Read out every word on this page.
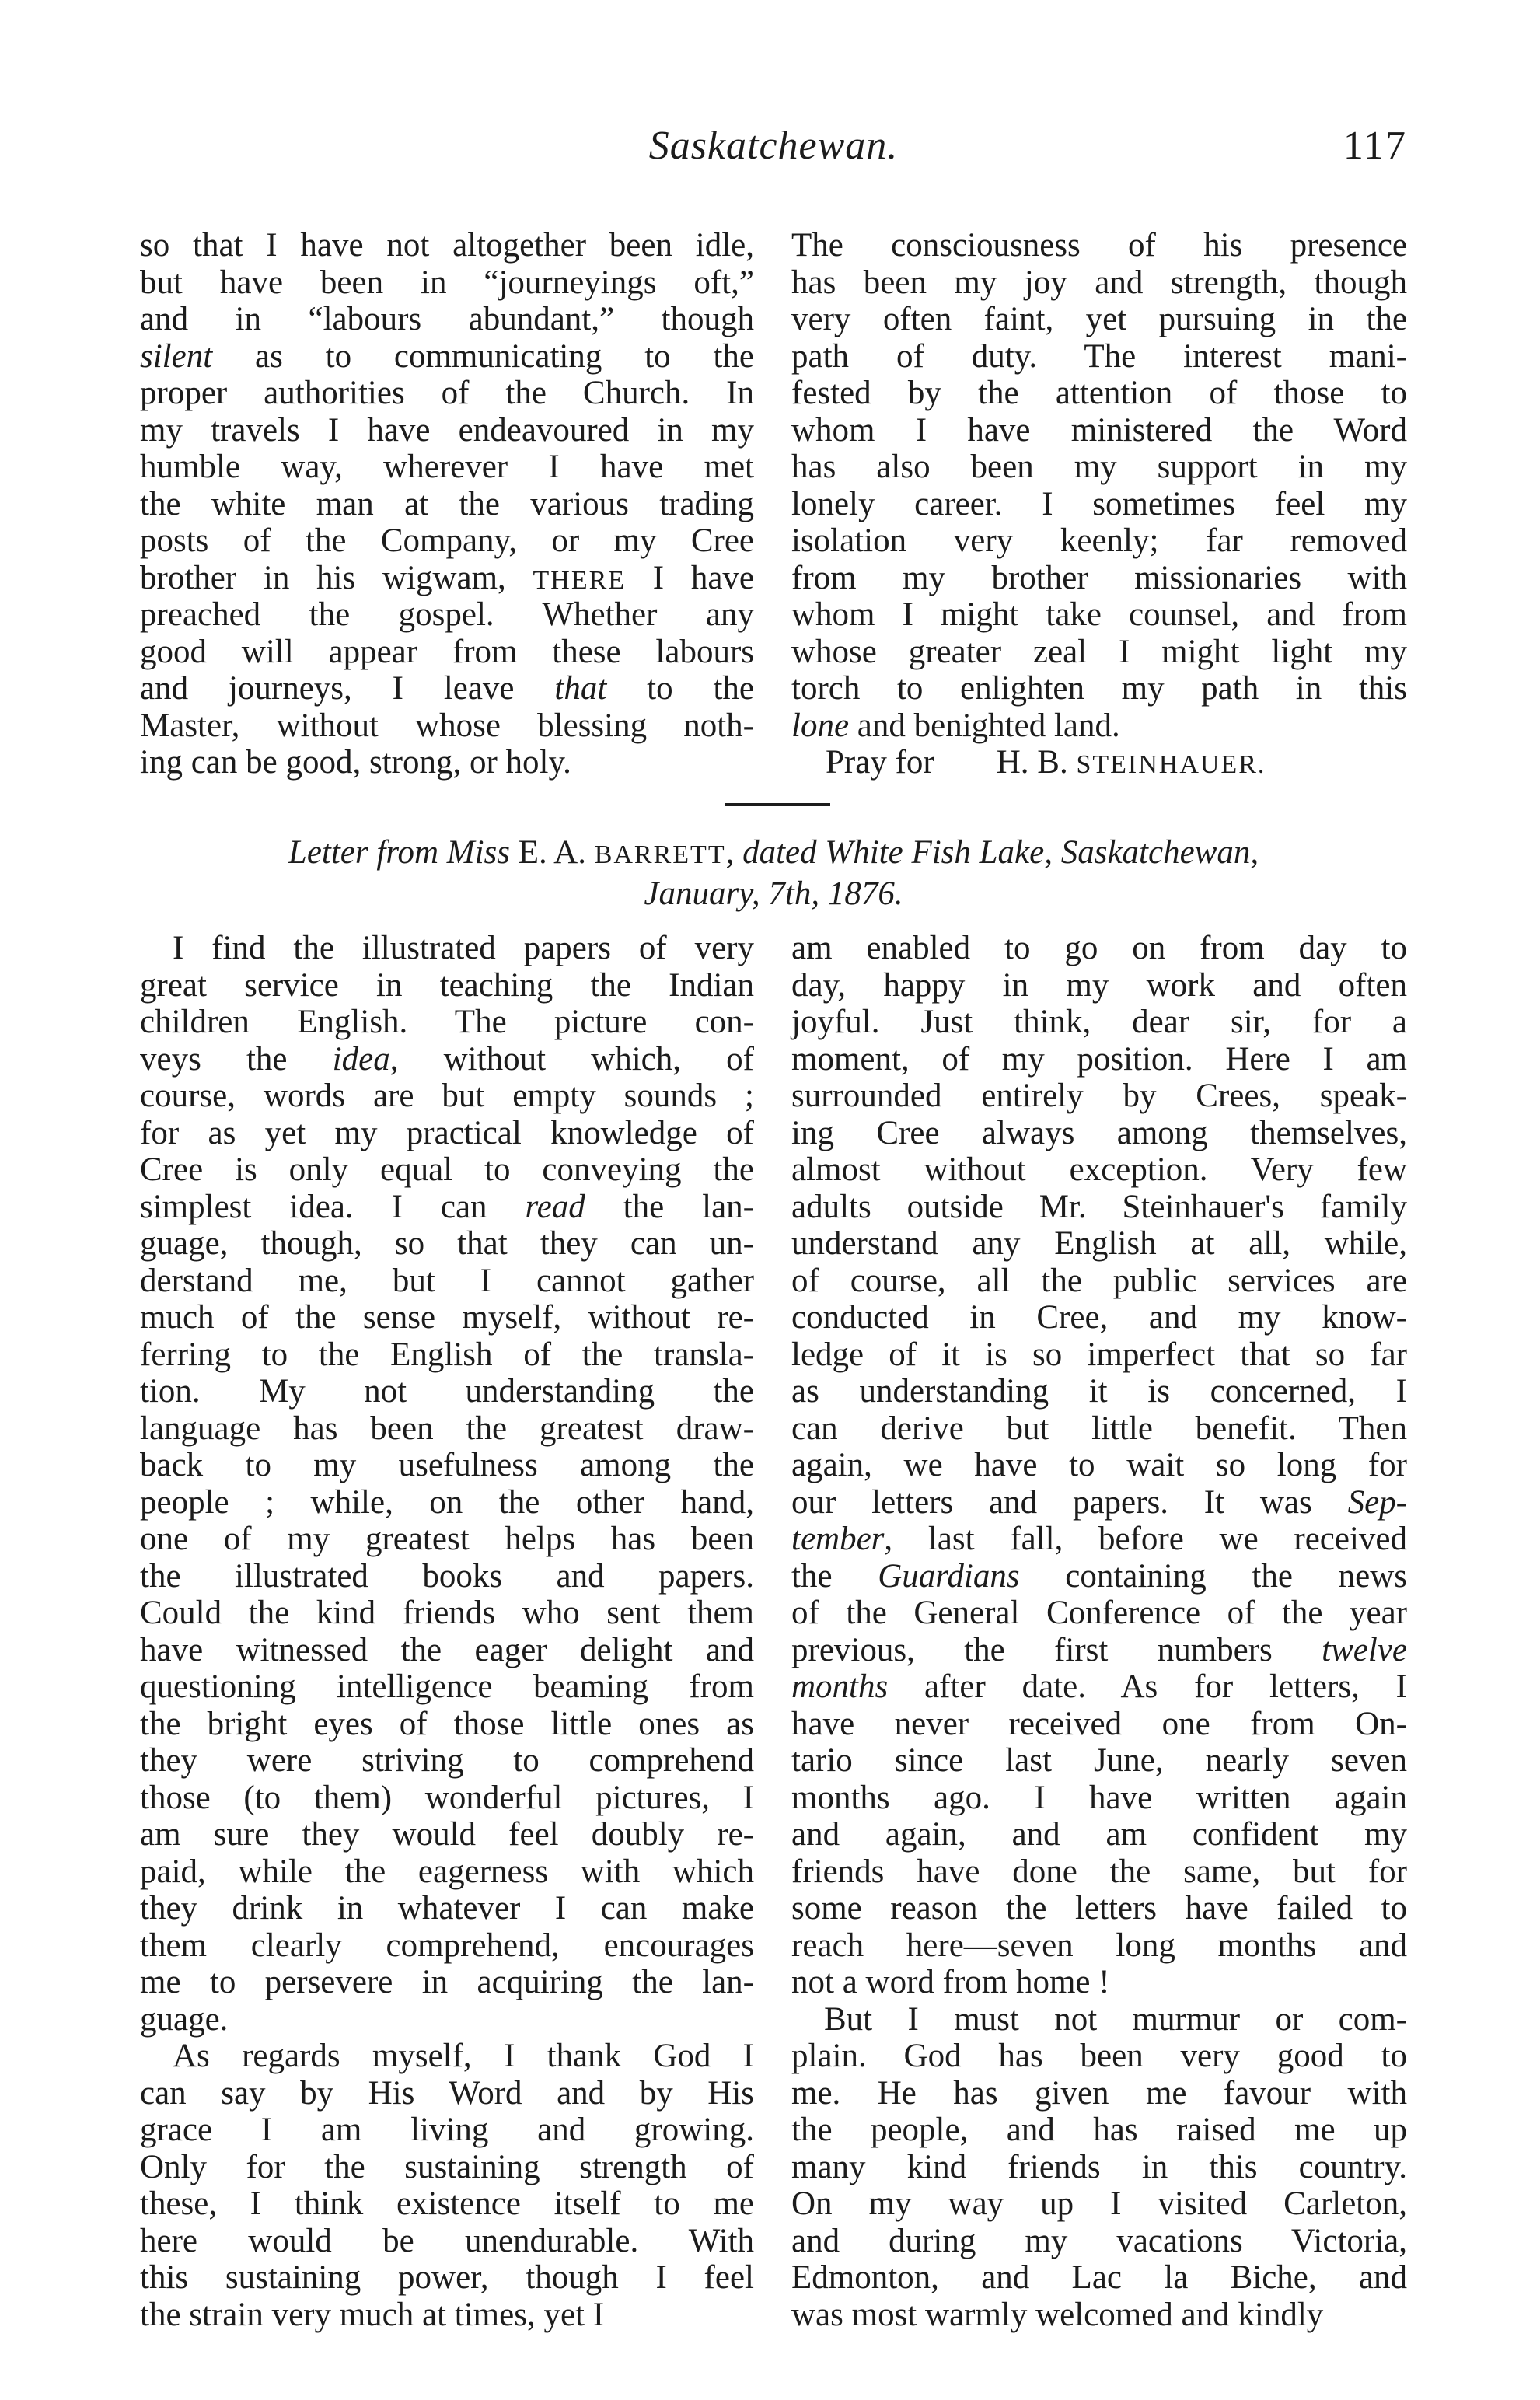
Saskatchewan.	117
so that I have not altogether been idle,
but have been in “journeyings oft,”
and in “labours abundant,” though
silent as to communicating to the
proper authorities of the Church. In
my travels I have endeavoured in my
humble way, wherever I have met
the white man at the various trading
posts of the Company, or my Cree
brother in his wigwam, THERE I have
preached the gospel. Whether any
good will appear from these labours
and journeys, I leave that to the
Master, without whose blessing noth-
ing can be good, strong, or holy.
The consciousness of his presence
has been my joy and strength, though
very often faint, yet pursuing in the
path of duty. The interest mani-
fested by the attention of those to
whom I have ministered the Word
has also been my support in my
lonely career. I sometimes feel my
isolation very keenly; far removed
from my brother missionaries with
whom I might take counsel, and from
whose greater zeal I might light my
torch to enlighten my path in this
lone and benighted land.
Pray for H. B. STEINHAUER.
Letter from Miss E. A. BARRETT, dated White Fish Lake, Saskatchewan,
January, 7th, 1876.
I find the illustrated papers of very
great service in teaching the Indian
children English. The picture con-
veys the idea, without which, of
course, words are but empty sounds ;
for as yet my practical knowledge of
Cree is only equal to conveying the
simplest idea. I can read the lan-
guage, though, so that they can un-
derstand me, but I cannot gather
much of the sense myself, without re-
ferring to the English of the transla-
tion. My not understanding the
language has been the greatest draw-
back to my usefulness among the
people ; while, on the other hand,
one of my greatest helps has been
the illustrated books and papers.
Could the kind friends who sent them
have witnessed the eager delight and
questioning intelligence beaming from
the bright eyes of those little ones as
they were striving to comprehend
those (to them) wonderful pictures, I
am sure they would feel doubly re-
paid, while the eagerness with which
they drink in whatever I can make
them clearly comprehend, encourages
me to persevere in acquiring the lan-
guage.
As regards myself, I thank God I
can say by His Word and by His
grace I am living and growing.
Only for the sustaining strength of
these, I think existence itself to me
here would be unendurable. With
this sustaining power, though I feel
the strain very much at times, yet I
am enabled to go on from day to
day, happy in my work and often
joyful. Just think, dear sir, for a
moment, of my position. Here I am
surrounded entirely by Crees, speak-
ing Cree always among themselves,
almost without exception. Very few
adults outside Mr. Steinhauer's family
understand any English at all, while,
of course, all the public services are
conducted in Cree, and my know-
ledge of it is so imperfect that so far
as understanding it is concerned, I
can derive but little benefit. Then
again, we have to wait so long for
our letters and papers. It was Sep-
tember, last fall, before we received
the Guardians containing the news
of the General Conference of the year
previous, the first numbers twelve
months after date. As for letters, I
have never received one from On-
tario since last June, nearly seven
months ago. I have written again
and again, and am confident my
friends have done the same, but for
some reason the letters have failed to
reach here—seven long months and
not a word from home !
But I must not murmur or com-
plain. God has been very good to
me. He has given me favour with
the people, and has raised me up
many kind friends in this country.
On my way up I visited Carleton,
and during my vacations Victoria,
Edmonton, and Lac la Biche, and
was most warmly welcomed and kindly
